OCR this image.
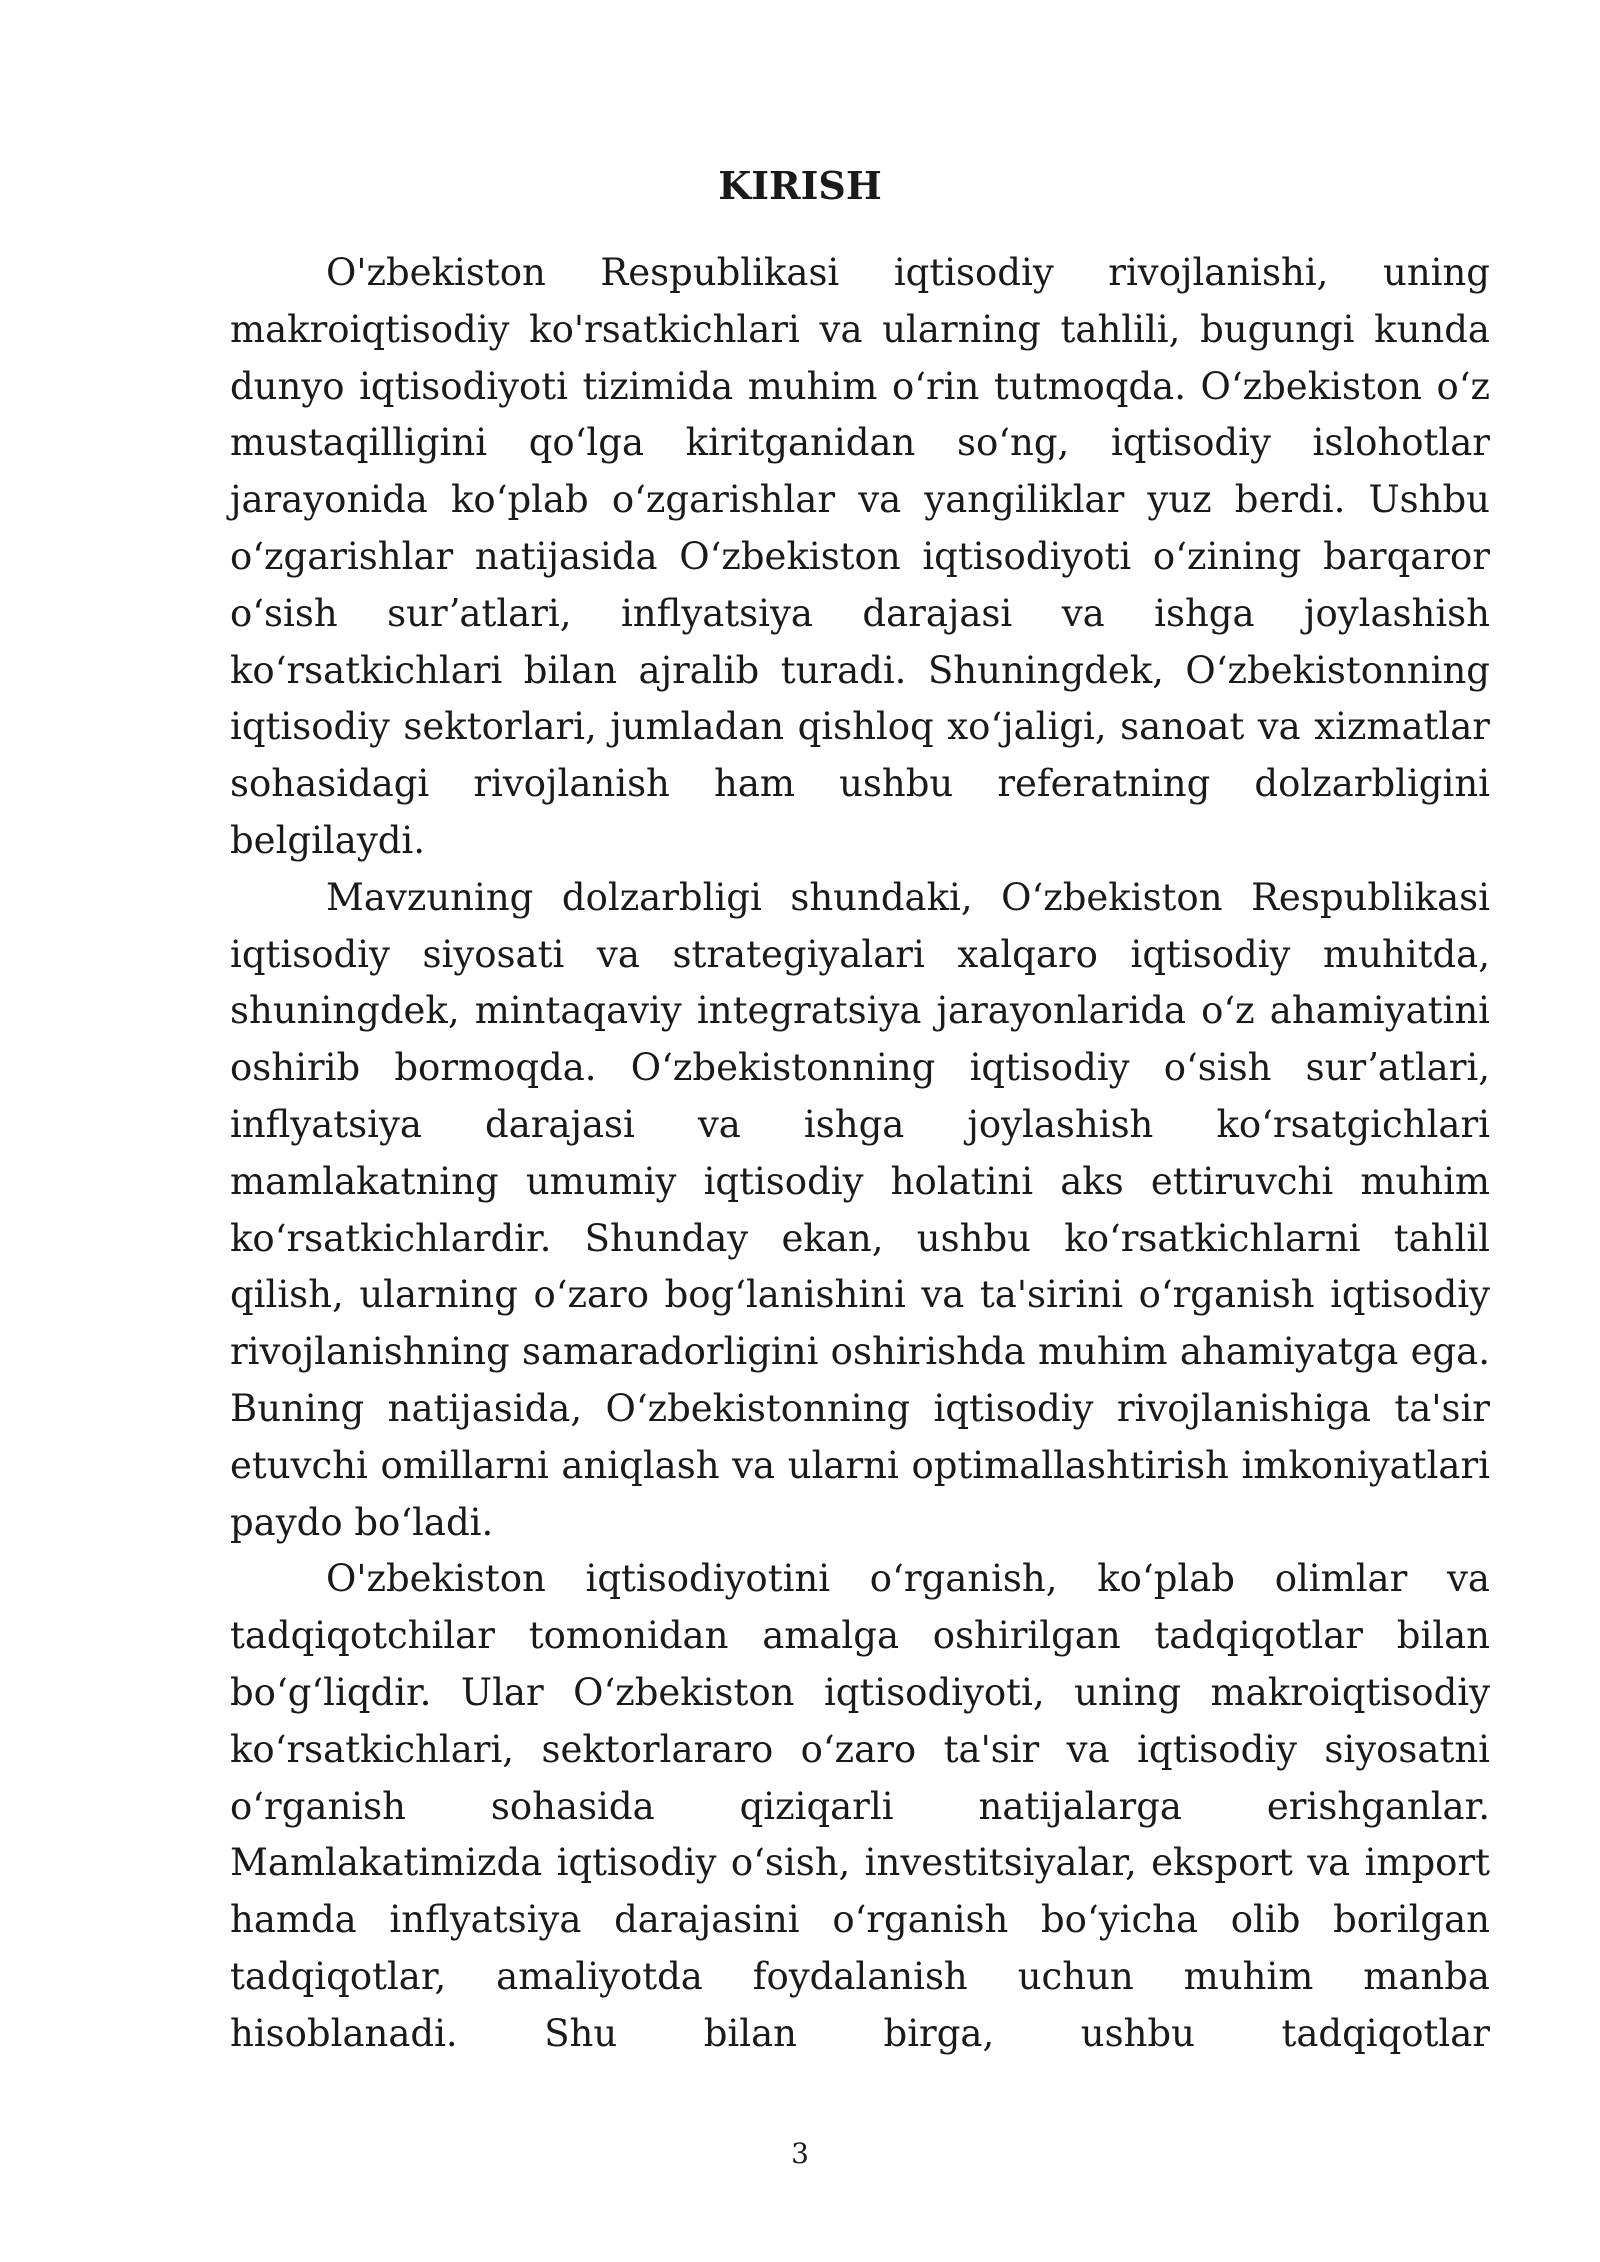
KIRISH

O'zbekiston Respublikasi iqtisodiy rivojlanishi, uning makroiqtisodiy ko'rsatkichlari va ularning tahlili, bugungi kunda dunyo iqtisodiyoti tizimida muhim oʻrin tutmoqda. Oʻzbekiston oʻz mustaqilligini qoʻlga kiritganidan soʻng, iqtisodiy islohotlar jarayonida koʻplab oʻzgarishlar va yangiliklar yuz berdi. Ushbu oʻzgarishlar natijasida Oʻzbekiston iqtisodiyoti oʻzining barqaror oʻsish surʼatlari, inflyatsiya darajasi va ishga joylashish koʻrsatkichlari bilan ajralib turadi. Shuningdek, Oʻzbekistonning iqtisodiy sektorlari, jumladan qishloq xoʻjaligi, sanoat va xizmatlar sohasidagi rivojlanish ham ushbu referatning dolzarbligini belgilaydi.

Mavzuning dolzarbligi shundaki, Oʻzbekiston Respublikasi iqtisodiy siyosati va strategiyalari xalqaro iqtisodiy muhitda, shuningdek, mintaqaviy integratsiya jarayonlarida oʻz ahamiyatini oshirib bormoqda. Oʻzbekistonning iqtisodiy oʻsish surʼatlari, inflyatsiya darajasi va ishga joylashish koʻrsatgichlari mamlakatning umumiy iqtisodiy holatini aks ettiruvchi muhim koʻrsatkichlardir. Shunday ekan, ushbu koʻrsatkichlarni tahlil qilish, ularning oʻzaro bogʻlanishini va ta'sirini oʻrganish iqtisodiy rivojlanishning samaradorligini oshirishda muhim ahamiyatga ega. Buning natijasida, Oʻzbekistonning iqtisodiy rivojlanishiga ta'sir etuvchi omillarni aniqlash va ularni optimallashtirish imkoniyatlari paydo boʻladi.

O'zbekiston iqtisodiyotini oʻrganish, koʻplab olimlar va tadqiqotchilar tomonidan amalga oshirilgan tadqiqotlar bilan boʻgʻliqdir. Ular Oʻzbekiston iqtisodiyoti, uning makroiqtisodiy koʻrsatkichlari, sektorlararo oʻzaro ta'sir va iqtisodiy siyosatni oʻrganish sohasida qiziqarli natijalarga erishganlar. Mamlakatimizda iqtisodiy oʻsish, investitsiyalar, eksport va import hamda inflyatsiya darajasini oʻrganish boʻyicha olib borilgan tadqiqotlar, amaliyotda foydalanish uchun muhim manba hisoblanadi. Shu bilan birga, ushbu tadqiqotlar

3
